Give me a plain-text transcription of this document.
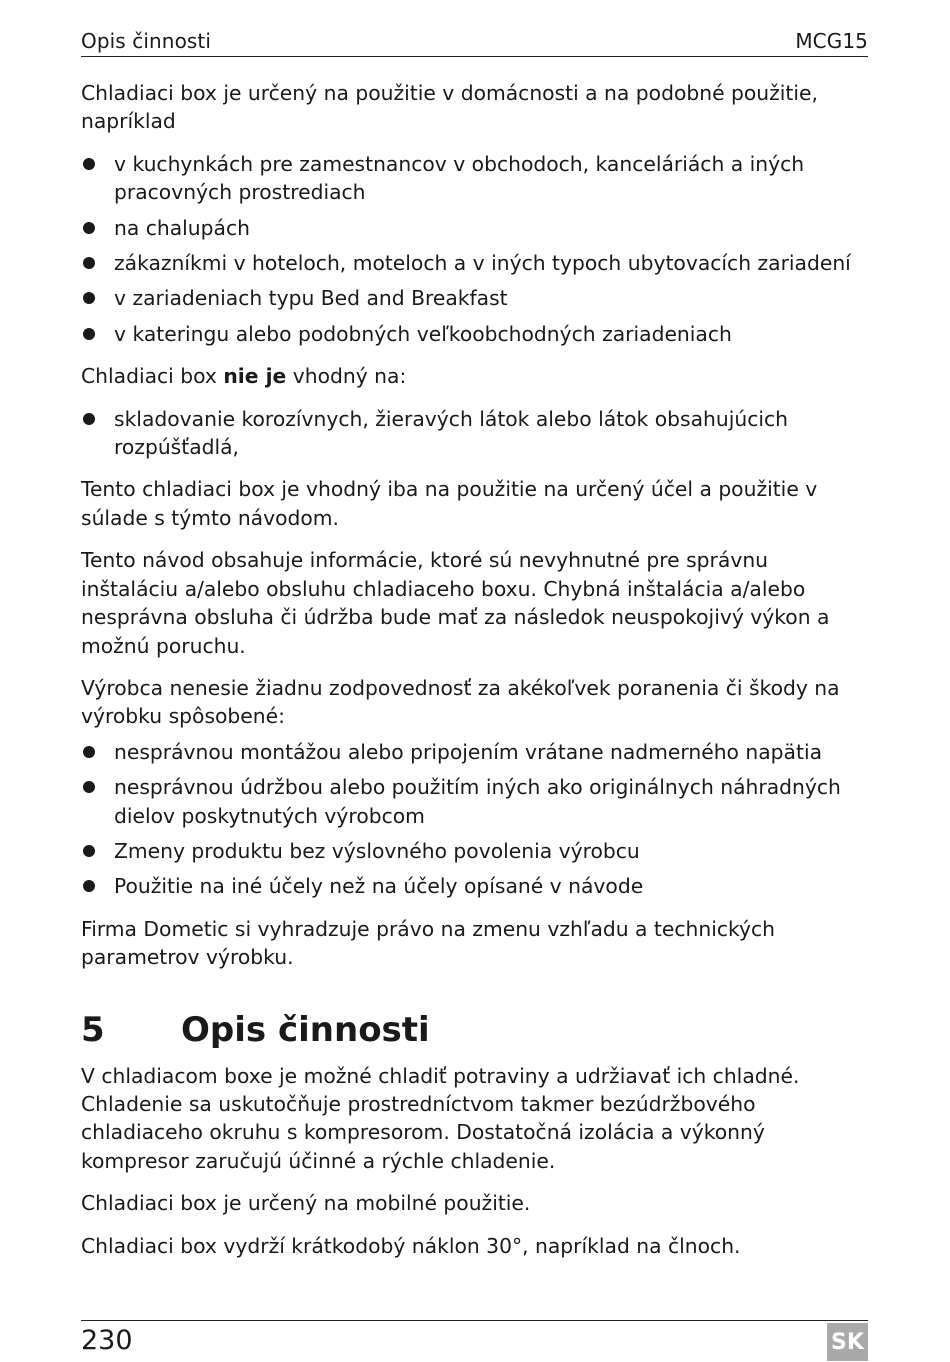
Opis činnosti	MCG15

Chladiaci box je určený na použitie v domácnosti a na podobné použitie, napríklad

v kuchynkách pre zamestnancov v obchodoch, kanceláriách a iných pracovných prostrediach
na chalupách
zákazníkmi v hoteloch, moteloch a v iných typoch ubytovacích zariadení
v zariadeniach typu Bed and Breakfast
v kateringu alebo podobných veľkoobchodných zariadeniach

Chladiaci box nie je vhodný na:

skladovanie korozívnych, žieravých látok alebo látok obsahujúcich rozpúšťadlá,

Tento chladiaci box je vhodný iba na použitie na určený účel a použitie v súlade s týmto návodom.

Tento návod obsahuje informácie, ktoré sú nevyhnutné pre správnu inštaláciu a/alebo obsluhu chladiaceho boxu. Chybná inštalácia a/alebo nesprávna obsluha či údržba bude mať za následok neuspokojivý výkon a možnú poruchu.

Výrobca nenesie žiadnu zodpovednosť za akékoľvek poranenia či škody na výrobku spôsobené:

nesprávnou montážou alebo pripojením vrátane nadmerného napätia
nesprávnou údržbou alebo použitím iných ako originálnych náhradných dielov poskytnutých výrobcom
Zmeny produktu bez výslovného povolenia výrobcu
Použitie na iné účely než na účely opísané v návode

Firma Dometic si vyhradzuje právo na zmenu vzhľadu a technických parametrov výrobku.

5	Opis činnosti

V chladiacom boxe je možné chladiť potraviny a udržiavať ich chladné. Chladenie sa uskutočňuje prostredníctvom takmer bezúdržbového chladiaceho okruhu s kompresorom. Dostatočná izolácia a výkonný kompresor zaručujú účinné a rýchle chladenie.

Chladiaci box je určený na mobilné použitie.

Chladiaci box vydrží krátkodobý náklon 30°, napríklad na člnoch.

230	SK
